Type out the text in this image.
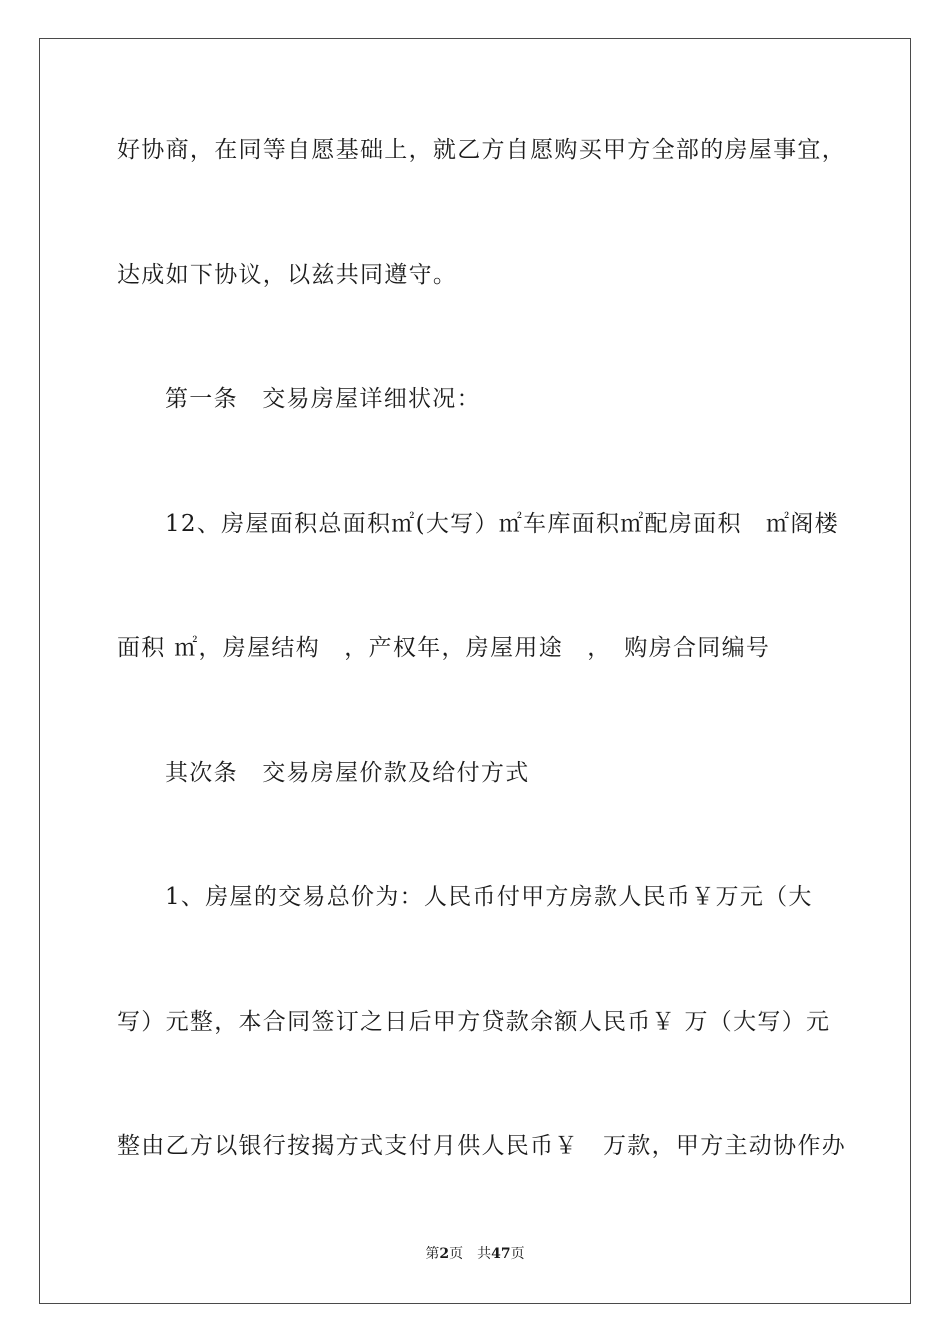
好协商，在同等自愿基础上，就乙方自愿购买甲方全部的房屋事宜，
达成如下协议，以兹共同遵守。
第一条　交易房屋详细状况：
12、房屋面积总面积㎡(大写）㎡车库面积㎡配房面积　㎡阁楼
面积 ㎡，房屋结构　，产权年，房屋用途　，　购房合同编号
其次条　交易房屋价款及给付方式
1、房屋的交易总价为：人民币付甲方房款人民币￥万元（大
写）元整，本合同签订之日后甲方贷款余额人民币￥ 万（大写）元
整由乙方以银行按揭方式支付月供人民币￥　万款，甲方主动协作办
第2页　共47页
